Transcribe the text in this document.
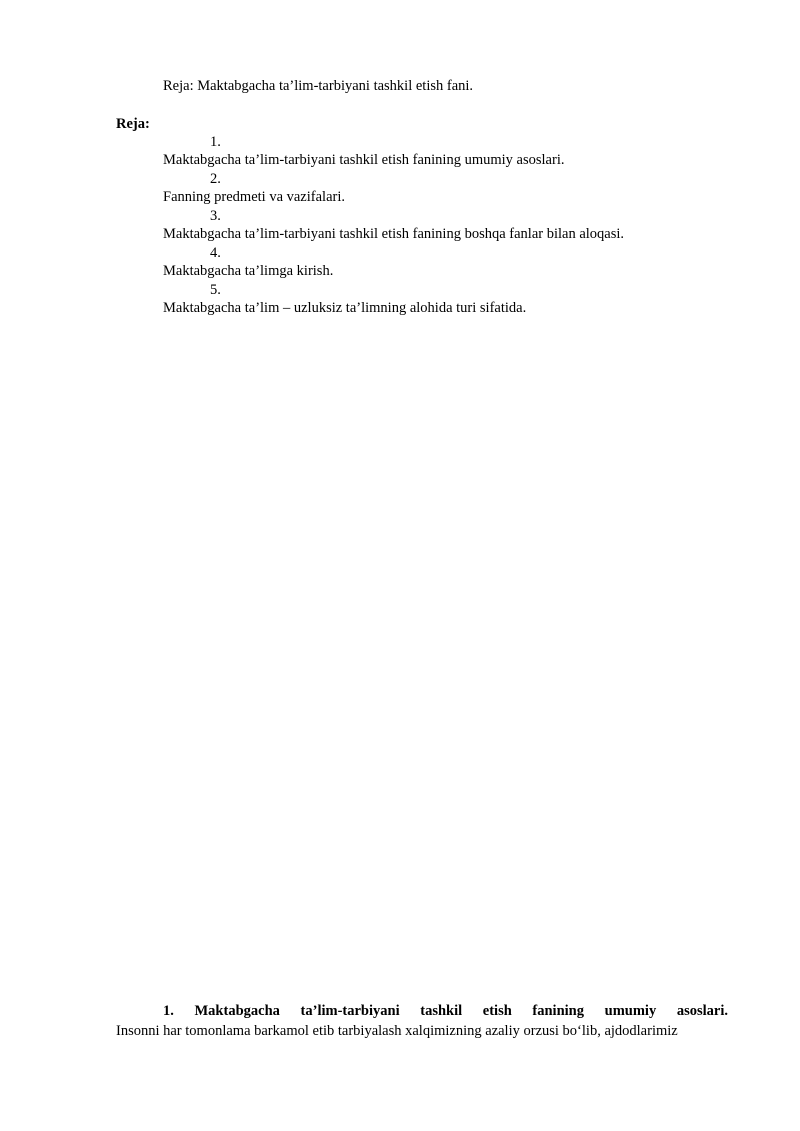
Reja: Maktabgacha ta’lim-tarbiyani tashkil etish fani.
Reja:
1.
Maktabgacha ta’lim-tarbiyani tashkil etish fanining umumiy asoslari.
2.
Fanning predmeti va vazifalari.
3.
Maktabgacha ta’lim-tarbiyani tashkil etish fanining boshqa fanlar bilan aloqasi.
4.
Maktabgacha ta’limga kirish.
5.
Maktabgacha ta’lim – uzluksiz ta’limning alohida turi sifatida.
1. Maktabgacha ta’lim-tarbiyani tashkil etish fanining umumiy asoslari.
Insonni har tomonlama barkamol etib tarbiyalash xalqimizning azaliy orzusi bo‘lib, ajdodlarimiz
